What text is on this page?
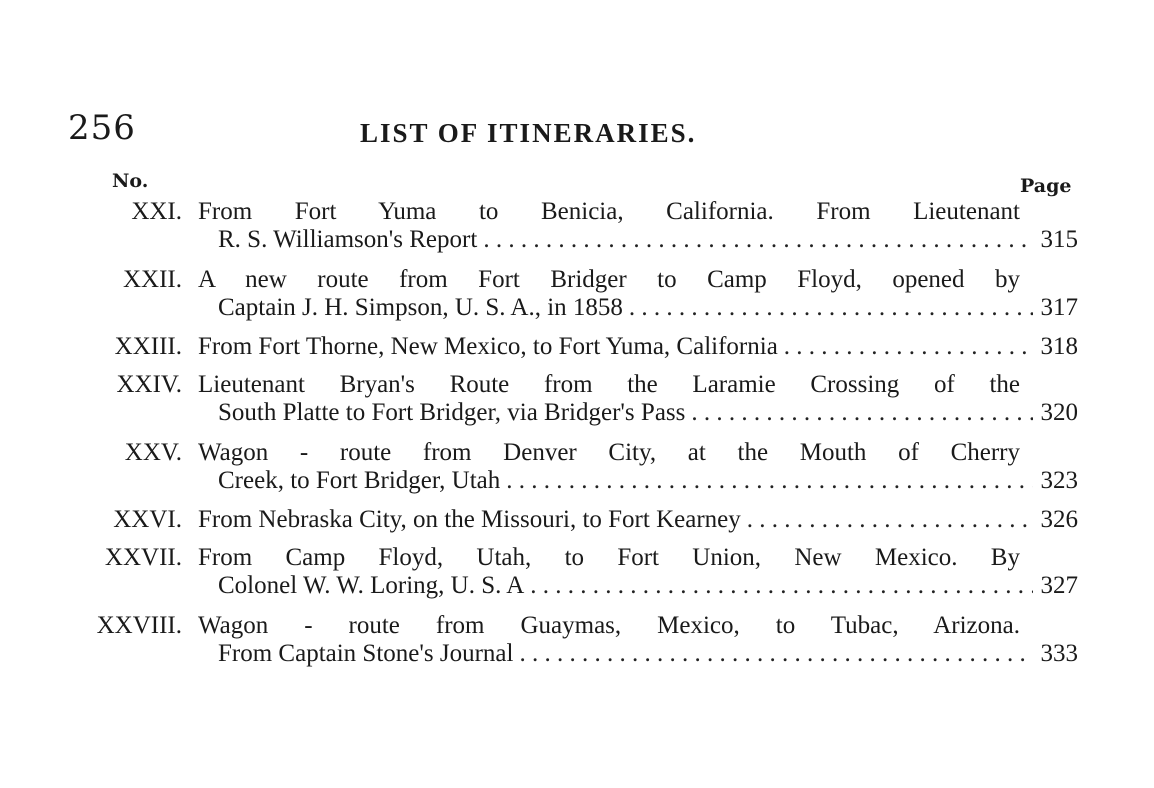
256	LIST OF ITINERARIES.
No.	Page
XXI. From Fort Yuma to Benicia, California. From Lieutenant
R. S. Williamson's Report . . .	315
XXII. A new route from Fort Bridger to Camp Floyd, opened by
Captain J. H. Simpson, U. S. A., in 1858 . . .	317
XXIII. From Fort Thorne, New Mexico, to Fort Yuma, California . . .	318
XXIV. Lieutenant Bryan's Route from the Laramie Crossing of the
South Platte to Fort Bridger, via Bridger's Pass . . .	320
XXV. Wagon - route from Denver City, at the Mouth of Cherry
Creek, to Fort Bridger, Utah . . .	323
XXVI. From Nebraska City, on the Missouri, to Fort Kearney . . .	326
XXVII. From Camp Floyd, Utah, to Fort Union, New Mexico. By
Colonel W. W. Loring, U. S. A . . .	327
XXVIII. Wagon - route from Guaymas, Mexico, to Tubac, Arizona.
From Captain Stone's Journal . . .	333
